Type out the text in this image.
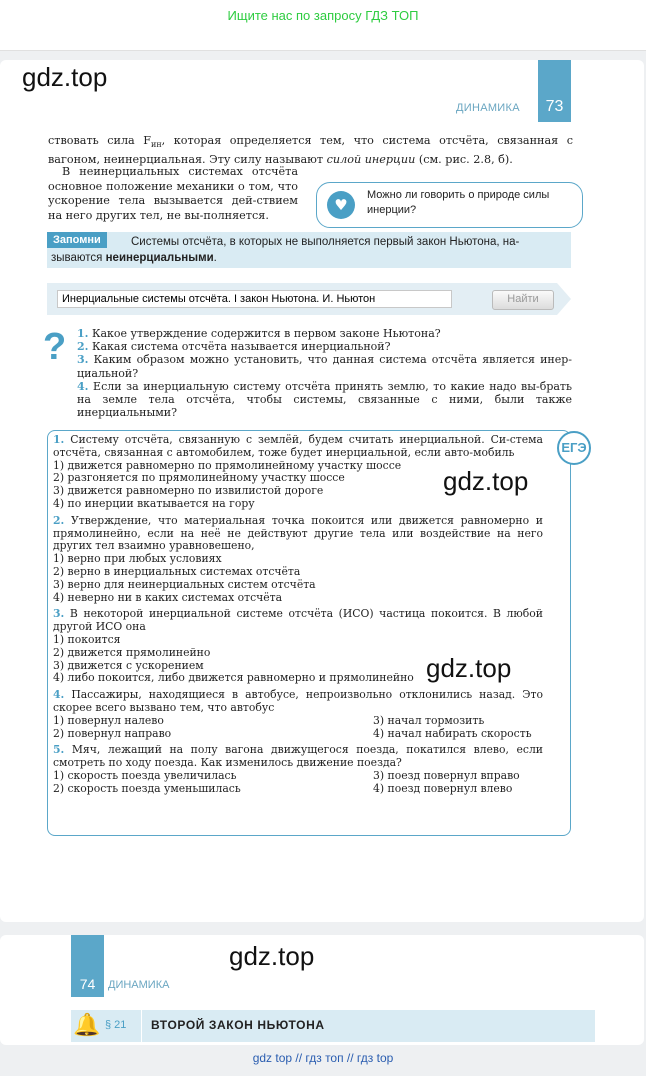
Ищите нас по запросу ГДЗ ТОП
gdz.top
73
ДИНАМИКА

ствовать сила $F_{ин}$, которая определяется тем, что система отсчёта, связанная с вагоном, неинерциальная. Эту силу называют силой инерции (см. рис. 2.8, б).

В неинерциальных системах отсчёта основное положение механики о том, что ускорение тела вызывается дей-ствием на него других тел, не вы-полняется.

♥
Можно ли говорить о природе силы инерции?
Системы отсчёта, в которых не выполняется первый закон Ньютона, на-зываются неинерциальными.
Запомни
Инерциальные системы отсчёта. I закон Ньютона. И. Ньютон
Найти
? 1. Какое утверждение содержится в первом законе Ньютона?

2. Какая система отсчёта называется инерциальной?

3. Каким образом можно установить, что данная система отсчёта является инер-циальной?

4. Если за инерциальную систему отсчёта принять землю, то какие надо вы-брать на земле тела отсчёта, чтобы системы, связанные с ними, были также инерциальными?

ЕГЭ

1. Систему отсчёта, связанную с землёй, будем считать инерциальной. Си-стема отсчёта, связанная с автомобилем, тоже будет инерциальной, если авто-мобиль

1) движется равномерно по прямолинейному участку шоссе

2) разгоняется по прямолинейному участку шоссе

3) движется равномерно по извилистой дороге

4) по инерции вкатывается на гору

2. Утверждение, что материальная точка покоится или движется равномерно и прямолинейно, если на неё не действуют другие тела или воздействие на него других тел взаимно уравновешено,

1) верно при любых условиях

2) верно в инерциальных системах отсчёта

3) верно для неинерциальных систем отсчёта

4) неверно ни в каких системах отсчёта

3. В некоторой инерциальной системе отсчёта (ИСО) частица покоится. В любой другой ИСО она

1) покоится

2) движется прямолинейно

3) движется с ускорением

4) либо покоится, либо движется равномерно и прямолинейно

4. Пассажиры, находящиеся в автобусе, непроизвольно отклонились назад. Это скорее всего вызвано тем, что автобус

1) повернул налево	3) начал тормозить
2) повернул направо	4) начал набирать скорость

5. Мяч, лежащий на полу вагона движущегося поезда, покатился влево, если смотреть по ходу поезда. Как изменилось движение поезда?

1) скорость поезда увеличилась	3) поезд повернул вправо
2) скорость поезда уменьшилась	4) поезд повернул влево
gdz.top
gdz.top
74	ДИНАМИКА
gdz.top
🔔 § 21 ВТОРОЙ ЗАКОН НЬЮТОНА
gdz top // гдз топ // гдз top
